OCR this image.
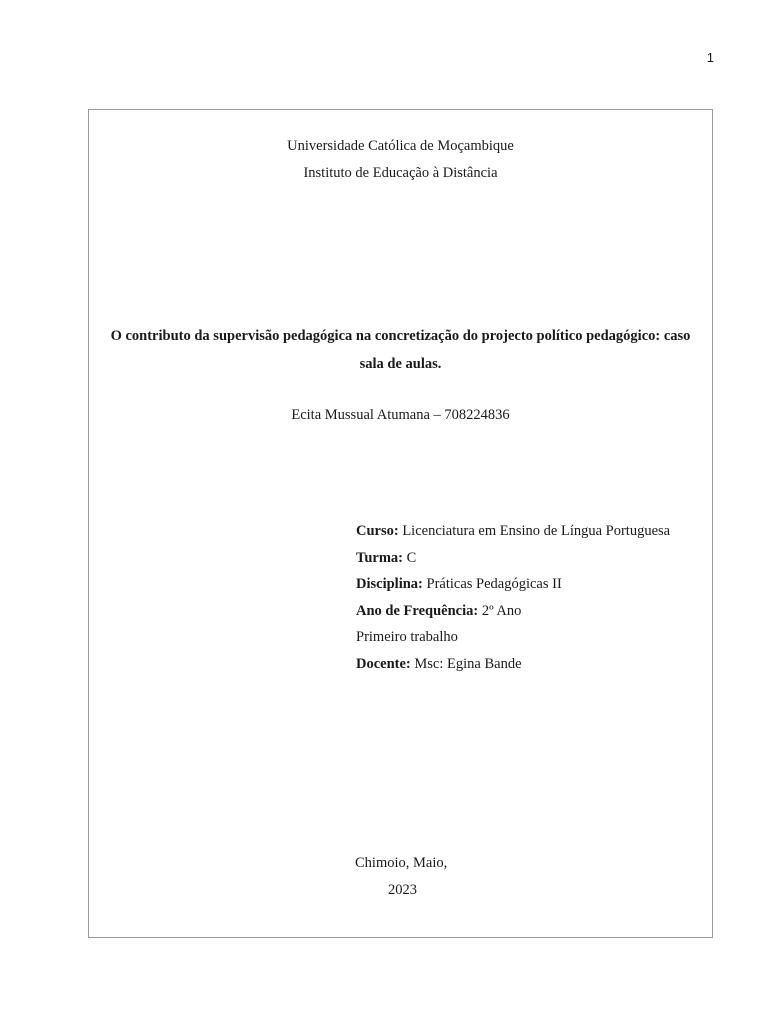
1
Universidade Católica de Moçambique
Instituto de Educação à Distância
O contributo da supervisão pedagógica na concretização do projecto político pedagógico: caso sala de aulas.
Ecita Mussual Atumana – 708224836
Curso: Licenciatura em Ensino de Língua Portuguesa
Turma: C
Disciplina: Práticas Pedagógicas II
Ano de Frequência: 2º Ano
Primeiro trabalho
Docente: Msc: Egina Bande
Chimoio, Maio,
2023
